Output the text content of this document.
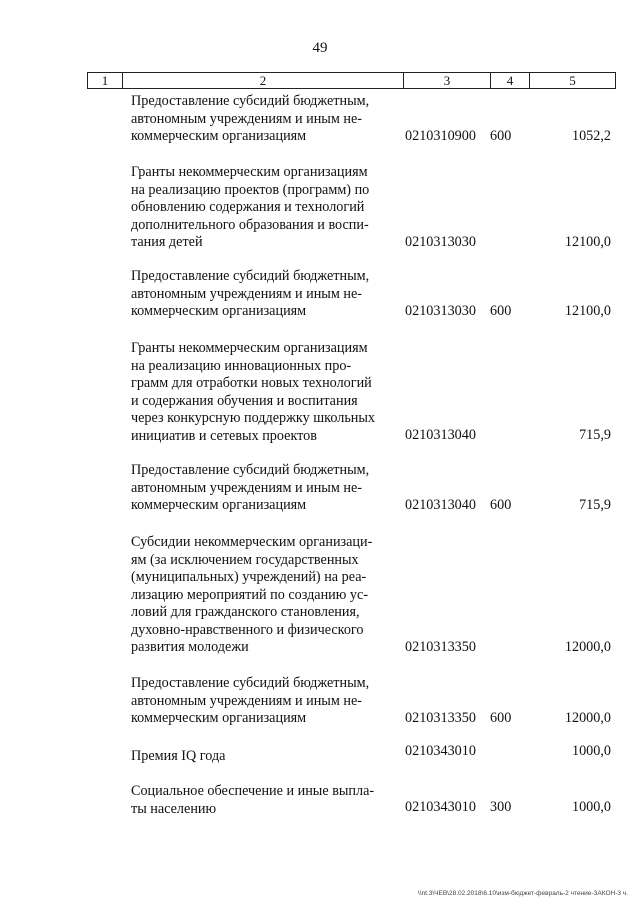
49
1	2	3	4	5
Предоставление субсидий бюджетным,
автономным учреждениям и иным не-
коммерческим организациям	0210310900 600	1052,2
Гранты некоммерческим организациям
на реализацию проектов (программ) по
обновлению содержания и технологий
дополнительного образования и воспи-
тания детей	0210313030	12100,0
Предоставление субсидий бюджетным,
автономным учреждениям и иным не-
коммерческим организациям	0210313030 600	12100,0
Гранты некоммерческим организациям
на реализацию инновационных про-
грамм для отработки новых технологий
и содержания обучения и воспитания
через конкурсную поддержку школьных
инициатив и сетевых проектов	0210313040	715,9
Предоставление субсидий бюджетным,
автономным учреждениям и иным не-
коммерческим организациям	0210313040 600	715,9
Субсидии некоммерческим организаци-
ям (за исключением государственных
(муниципальных) учреждений) на реа-
лизацию мероприятий по созданию ус-
ловий для гражданского становления,
духовно-нравственного и физического
развития молодежи	0210313350	12000,0
Предоставление субсидий бюджетным,
автономным учреждениям и иным не-
коммерческим организациям	0210313350 600	12000,0
Премия IQ года	0210343010	1000,0
Социальное обеспечение и иные выпла-
ты населению	0210343010 300	1000,0
\\nt.3\ЧЕВ\28.02.2018\6.10\изм-бюджет-февраль-2 чтение-ЗАКОН-3 ч.
